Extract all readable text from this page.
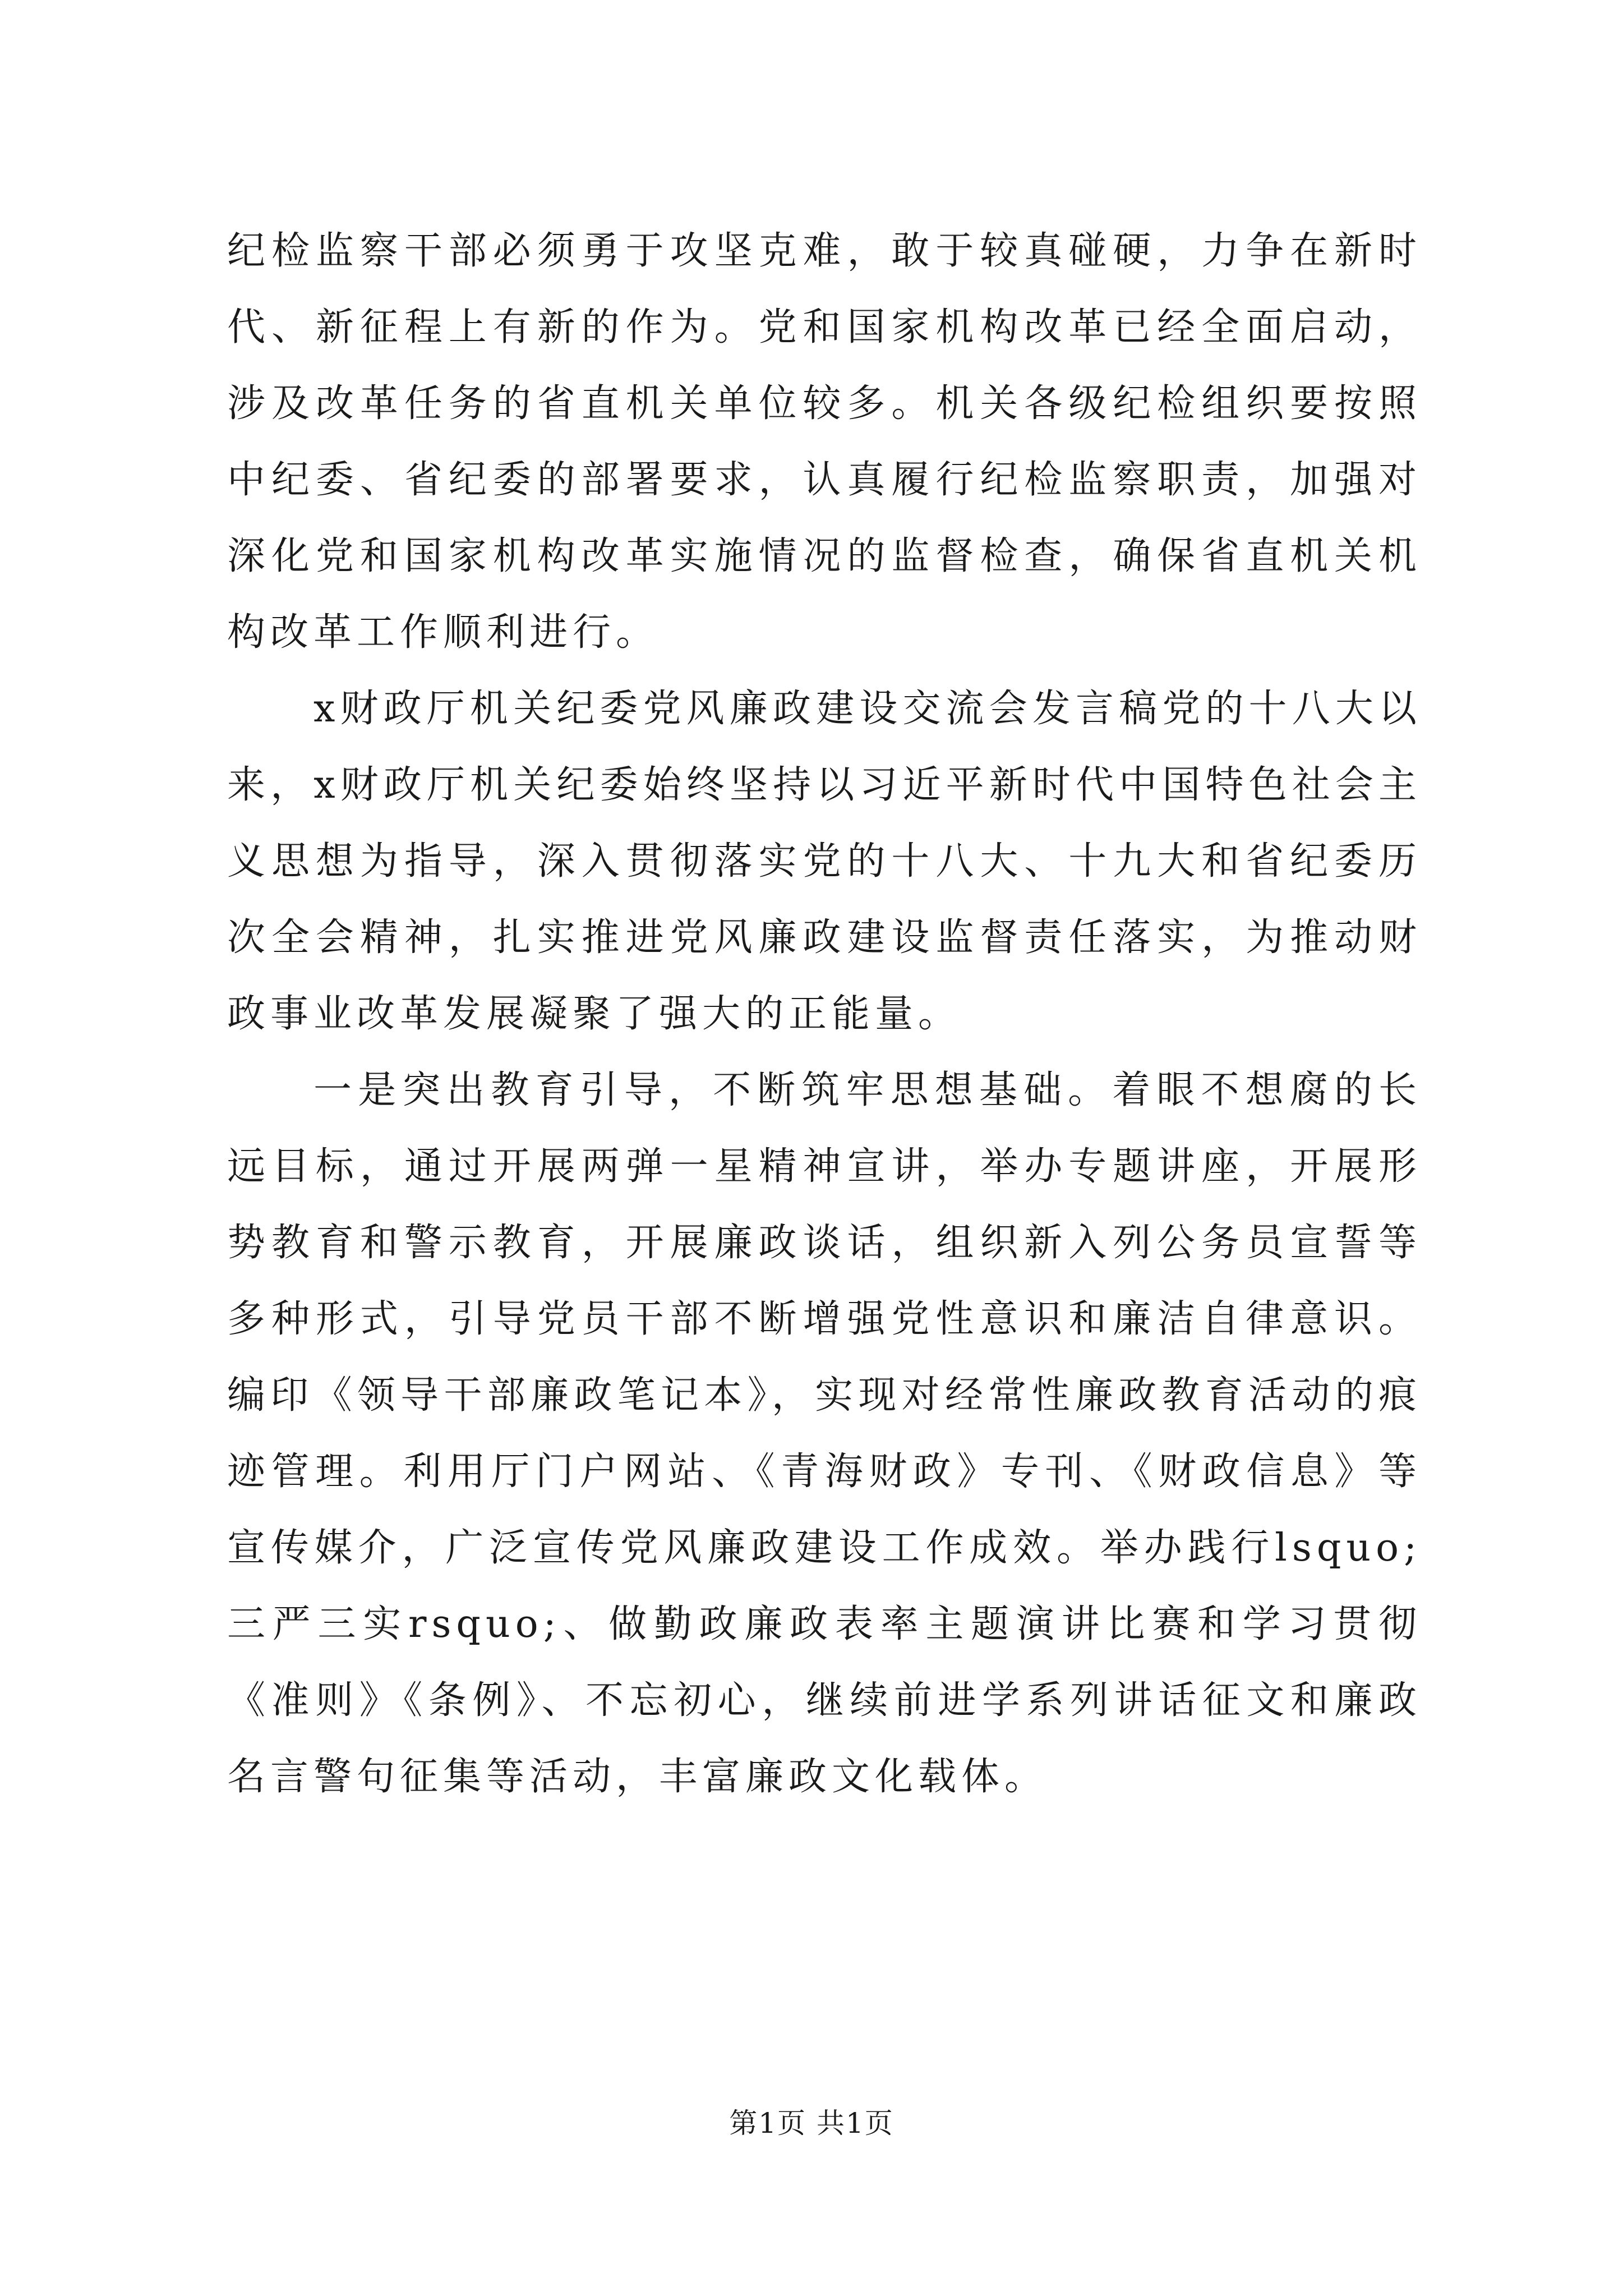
纪检监察干部必须勇于攻坚克难，敢于较真碰硬，力争在新时代、新征程上有新的作为。党和国家机构改革已经全面启动，涉及改革任务的省直机关单位较多。机关各级纪检组织要按照中纪委、省纪委的部署要求，认真履行纪检监察职责，加强对深化党和国家机构改革实施情况的监督检查，确保省直机关机构改革工作顺利进行。

x财政厅机关纪委党风廉政建设交流会发言稿党的十八大以来，x财政厅机关纪委始终坚持以习近平新时代中国特色社会主义思想为指导，深入贯彻落实党的十八大、十九大和省纪委历次全会精神，扎实推进党风廉政建设监督责任落实，为推动财政事业改革发展凝聚了强大的正能量。

一是突出教育引导，不断筑牢思想基础。着眼不想腐的长远目标，通过开展两弹一星精神宣讲，举办专题讲座，开展形势教育和警示教育，开展廉政谈话，组织新入列公务员宣誓等多种形式，引导党员干部不断增强党性意识和廉洁自律意识。编印《领导干部廉政笔记本》，实现对经常性廉政教育活动的痕迹管理。利用厅门户网站、《青海财政》专刊、《财政信息》等宣传媒介，广泛宣传党风廉政建设工作成效。举办践行lsquo;三严三实rsquo;、做勤政廉政表率主题演讲比赛和学习贯彻《准则》《条例》、不忘初心，继续前进学系列讲话征文和廉政名言警句征集等活动，丰富廉政文化载体。

第1页 共1页
